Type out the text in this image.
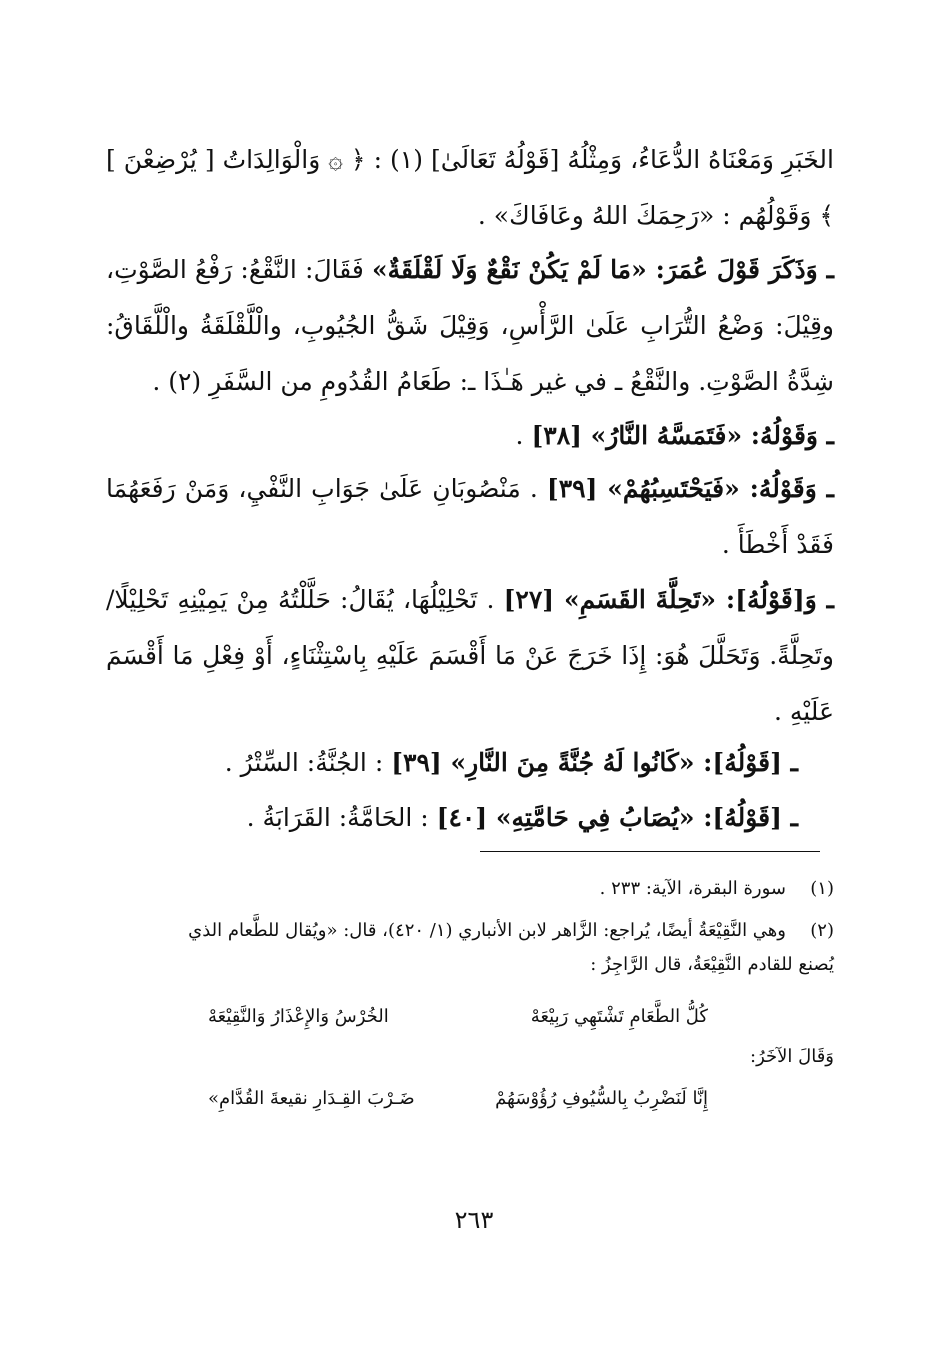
الخَبَرِ وَمَعْنَاهُ الدُّعَاءُ، وَمِثْلُهُ [قَوْلُهُ تَعَالَىٰ] (١) : ﴿ ۞ وَالْوَالِدَاتُ [ يُرْضِعْنَ ] ﴾ وَقَوْلُهُم : «رَحِمَكَ اللهُ وعَافَاكَ» .

ـ وَذَكَرَ قَوْلَ عُمَرَ: «مَا لَمْ يَكُنْ نَقْعٌ وَلَا لَقْلَقَةٌ» فَقَالَ: النَّقْعُ: رَفْعُ الصَّوْتِ، وقِيْلَ: وَضْعُ التُّرَابِ عَلَىٰ الرَّأْسِ، وَقِيْلَ شَقُّ الجُيُوبِ، والْلَّقْلَقَةُ والْلَّقَاقُ: شِدَّةُ الصَّوْتِ. والنَّقْعُ ـ في غير هَـٰذَا ـ: طَعَامُ القُدُومِ من السَّفَرِ (٢) .

ـ وَقَوْلُهُ: «فَتَمَسَّهُ النَّارُ» [٣٨] .

ـ وَقَوْلُهُ: «فَيَحْتَسِبُهُمْ» [٣٩] . مَنْصُوبَانِ عَلَىٰ جَوَابِ النَّفْيِ، وَمَنْ رَفَعَهُمَا فَقَدْ أَخْطَأَ .

ـ وَ[قَوْلُهُ]: «تَحِلَّةَ القَسَمِ» [٢٧] . تَحْلِيْلُهَا، يُقَالُ: حَلَّلْتُهُ مِنْ يَمِيْنِهِ تَحْلِيْلًا/ وتَحِلَّةً. وَتَحَلَّلَ هُوَ: إِذَا خَرَجَ عَنْ مَا أَقْسَمَ عَلَيْهِ بِاسْتِثْنَاءٍ، أَوْ فِعْلِ مَا أَقْسَمَ عَلَيْهِ .

ـ [قَوْلُهُ]: «كَانُوا لَهُ جُنَّةً مِنَ النَّارِ» [٣٩] : الجُنَّةُ: السِّتْرُ .

ـ [قَوْلُهُ]: «يُصَابُ فِي حَامَّتِهِ» [٤٠] : الحَامَّةُ: القَرَابَةُ .

(١)سورة البقرة، الآية: ٢٣٣ .
(٢)وهي النَّقِيْعَةُ أيضًا، يُراجع: الزَّاهر لابن الأنباري (١/ ٤٢٠)، قال: «ويُقال للطَّعام الذي
يُصنع للقادم النَّقِيْعَةُ، قال الرَّاجِزُ :
كُلُّ الطَّعَامِ تَشْتَهِي رَبِيْعَهْ
الخُرْسُ وَالإِعْذَارُ وَالنَّقِيْعَهْ
وَقَالَ الآخَرُ:
إِنَّا لَنَضْرِبُ بِالسُّيُوفِ رُؤُوْسَهُمْ
ضَـرْبَ القِـدَارِ نقيعةَ القُدَّامِ»
٢٦٣
